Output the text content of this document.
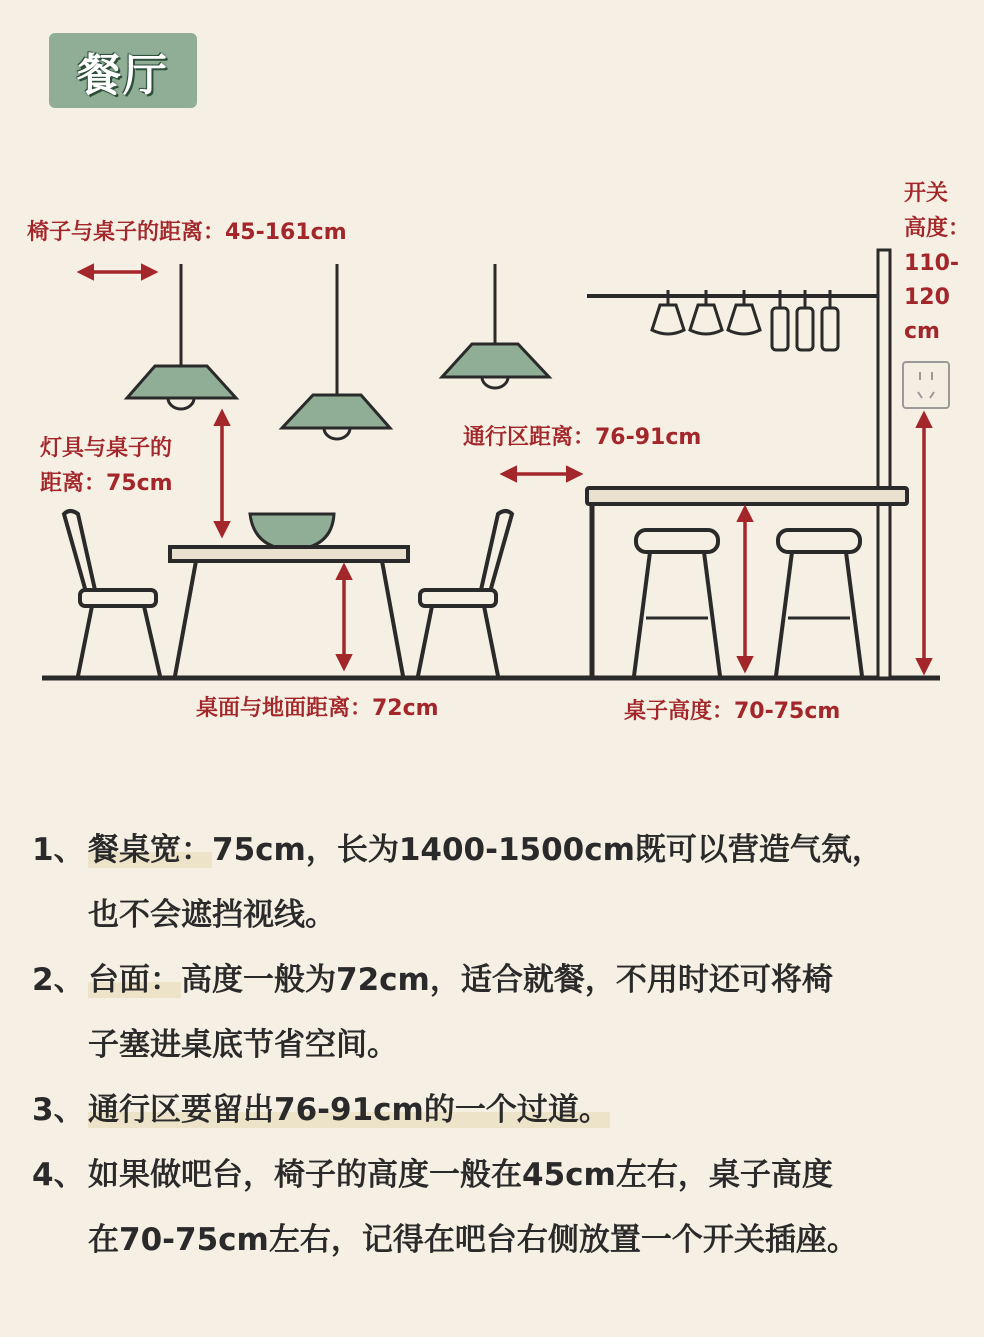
餐厅
椅子与桌子的距离：45-161cm
灯具与桌子的
距离：75cm
通行区距离：76-91cm
开关
高度：
110-
120
cm
桌面与地面距离：72cm	桌子高度：70-75cm
1、 餐桌宽：75cm，长为1400-1500cm既可以营造气氛，
也不会遮挡视线。
2、 台面：高度一般为72cm，适合就餐，不用时还可将椅
子塞进桌底节省空间。
3、 通行区要留出76-91cm的一个过道。
4、 如果做吧台，椅子的高度一般在45cm左右，桌子高度
在70-75cm左右，记得在吧台右侧放置一个开关插座。
